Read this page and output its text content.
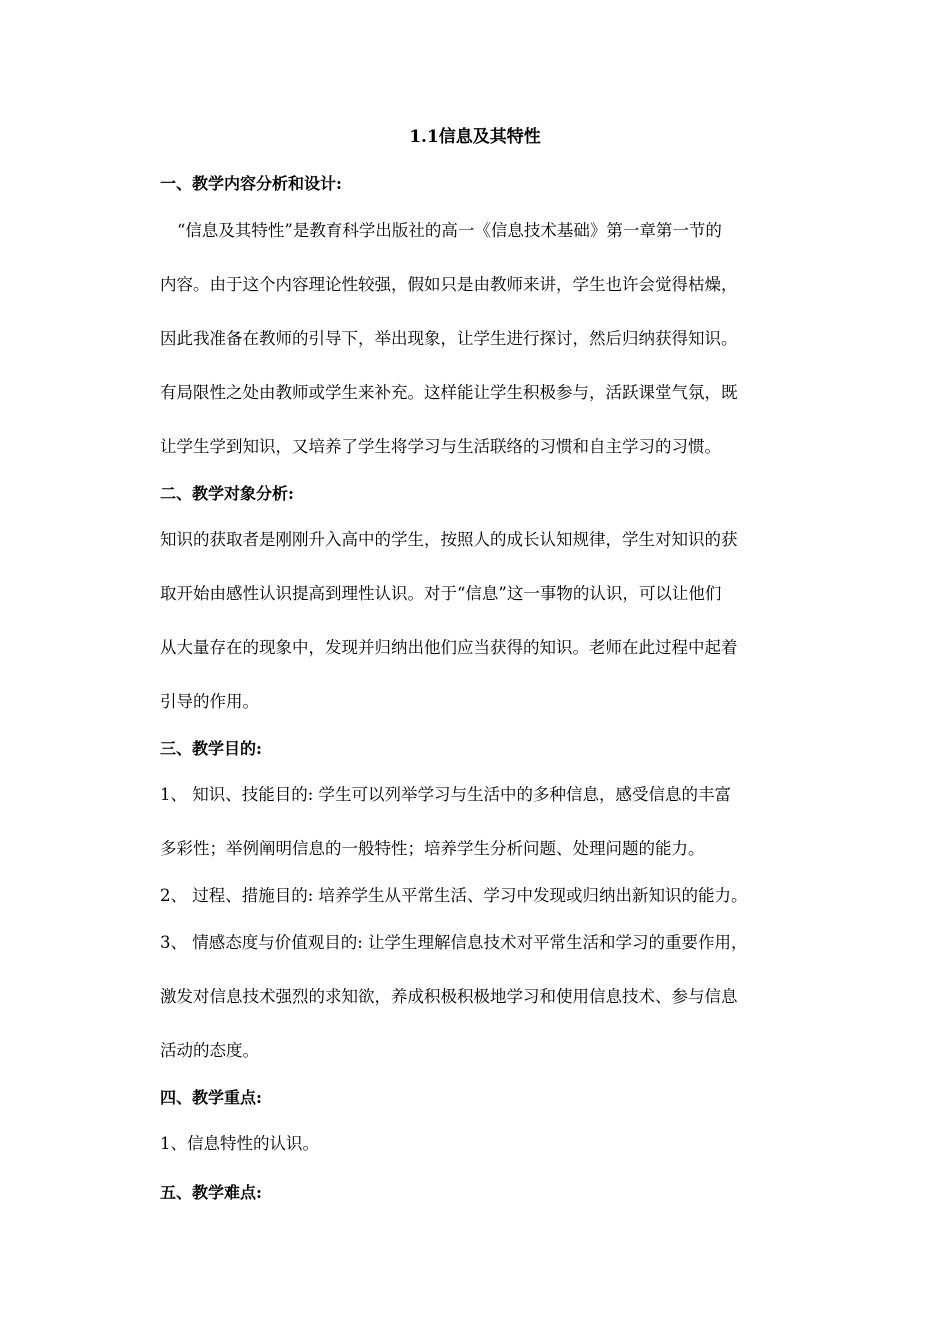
1.1信息及其特性
一、教学内容分析和设计:
“信息及其特性”是教育科学出版社的高一《信息技术基础》第一章第一节的
内容。由于这个内容理论性较强，假如只是由教师来讲，学生也许会觉得枯燥，
因此我准备在教师的引导下，举出现象，让学生进行探讨，然后归纳获得知识。
有局限性之处由教师或学生来补充。这样能让学生积极参与，活跃课堂气氛，既
让学生学到知识，又培养了学生将学习与生活联络的习惯和自主学习的习惯。
二、教学对象分析:
知识的获取者是刚刚升入高中的学生，按照人的成长认知规律，学生对知识的获
取开始由感性认识提高到理性认识。对于“信息”这一事物的认识，可以让他们
从大量存在的现象中，发现并归纳出他们应当获得的知识。老师在此过程中起着
引导的作用。
三、教学目的:
1、 知识、技能目的: 学生可以列举学习与生活中的多种信息，感受信息的丰富
多彩性；举例阐明信息的一般特性；培养学生分析问题、处理问题的能力。
2、 过程、措施目的: 培养学生从平常生活、学习中发现或归纳出新知识的能力。
3、 情感态度与价值观目的: 让学生理解信息技术对平常生活和学习的重要作用，
激发对信息技术强烈的求知欲，养成积极积极地学习和使用信息技术、参与信息
活动的态度。
四、教学重点:
1、信息特性的认识。
五、教学难点:
